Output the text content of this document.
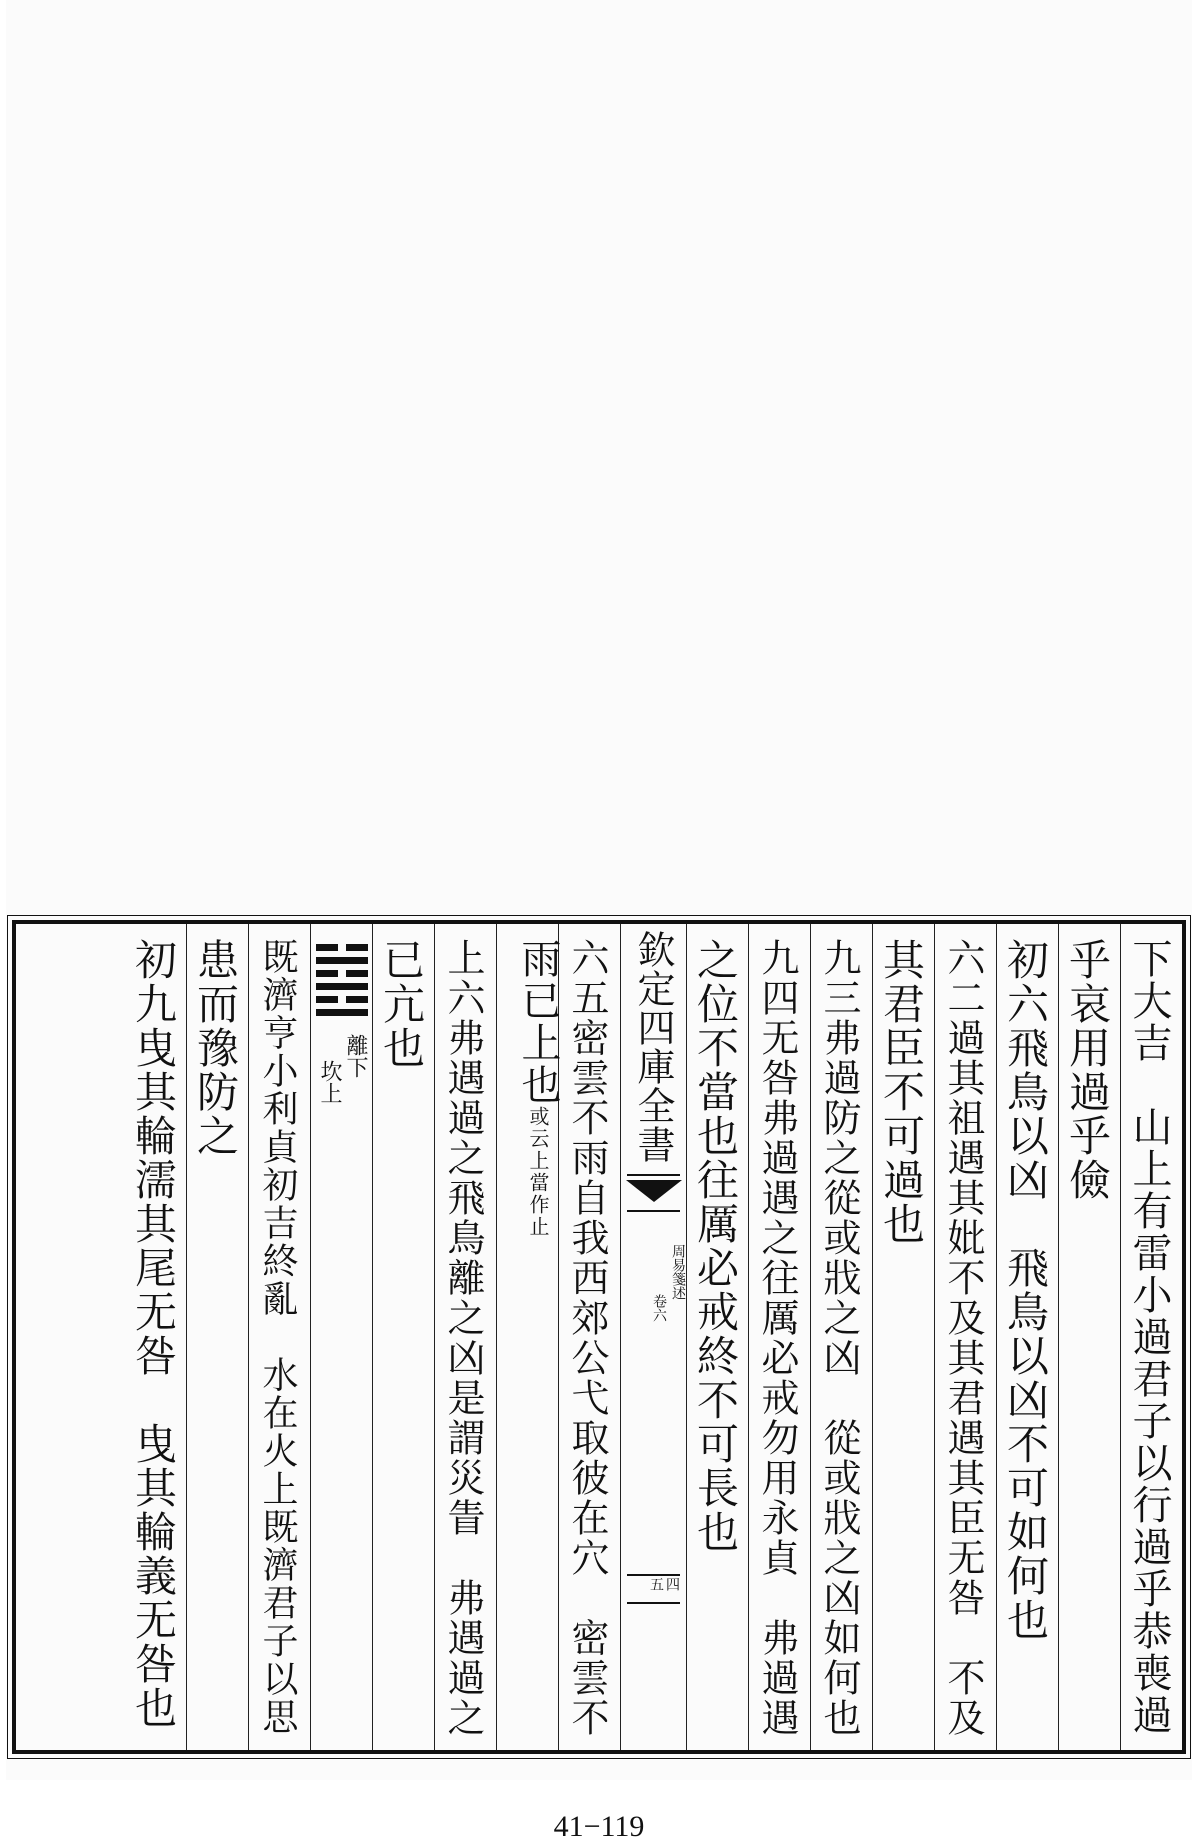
下大吉　山上有雷小過君子以行過乎恭喪過
乎哀用過乎儉
初六飛鳥以凶　飛鳥以凶不可如何也
六二過其祖遇其妣不及其君遇其臣无咎　不及
其君臣不可過也
九三弗過防之從或戕之凶　從或戕之凶如何也
九四无咎弗過遇之往厲必戒勿用永貞　弗過遇
之位不當也往厲必戒終不可長也
欽定四庫全書
周易箋述
卷六
四五
六五密雲不雨自我西郊公弋取彼在穴　密雲不
雨已上也或云上當作止
上六弗遇過之飛鳥離之凶是謂災眚　弗遇過之
已亢也
離下
坎上
既濟亨小利貞初吉終亂　水在火上既濟君子以思
患而豫防之
初九曳其輪濡其尾无咎　曳其輪義无咎也
41−119
